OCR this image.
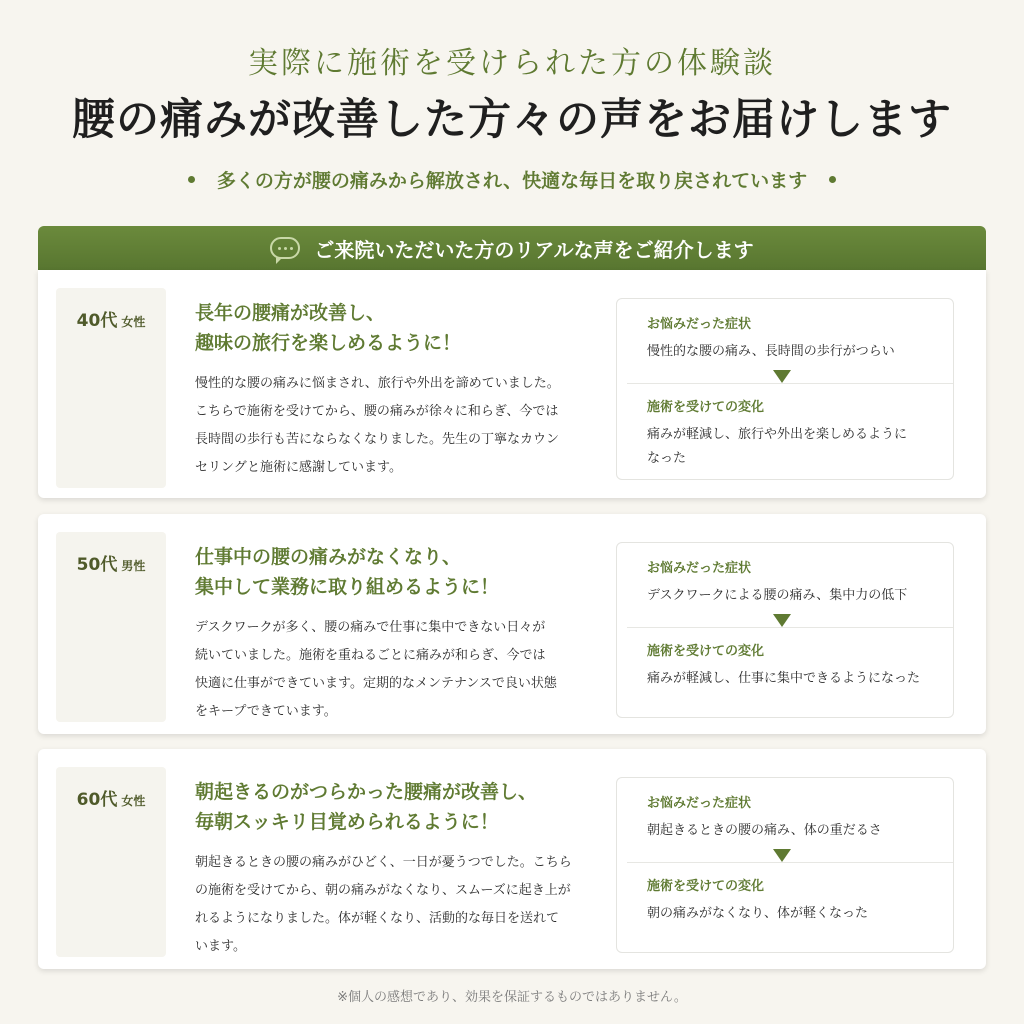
実際に施術を受けられた方の体験談
腰の痛みが改善した方々の声をお届けします
多くの方が腰の痛みから解放され、快適な毎日を取り戻されています
ご来院いただいた方のリアルな声をご紹介します
40代 女性	長年の腰痛が改善し、
趣味の旅行を楽しめるように！
慢性的な腰の痛みに悩まされ、旅行や外出を諦めていました。
こちらで施術を受けてから、腰の痛みが徐々に和らぎ、今では
長時間の歩行も苦にならなくなりました。先生の丁寧なカウン
セリングと施術に感謝しています。
お悩みだった症状
慢性的な腰の痛み、長時間の歩行がつらい
施術を受けての変化
痛みが軽減し、旅行や外出を楽しめるように
なった
50代 男性	仕事中の腰の痛みがなくなり、
集中して業務に取り組めるように！
デスクワークが多く、腰の痛みで仕事に集中できない日々が
続いていました。施術を重ねるごとに痛みが和らぎ、今では
快適に仕事ができています。定期的なメンテナンスで良い状態
をキープできています。
お悩みだった症状
デスクワークによる腰の痛み、集中力の低下
施術を受けての変化
痛みが軽減し、仕事に集中できるようになった
60代 女性	朝起きるのがつらかった腰痛が改善し、
毎朝スッキリ目覚められるように！
朝起きるときの腰の痛みがひどく、一日が憂うつでした。こちら
の施術を受けてから、朝の痛みがなくなり、スムーズに起き上が
れるようになりました。体が軽くなり、活動的な毎日を送れて
います。
お悩みだった症状
朝起きるときの腰の痛み、体の重だるさ
施術を受けての変化
朝の痛みがなくなり、体が軽くなった
※個人の感想であり、効果を保証するものではありません。
